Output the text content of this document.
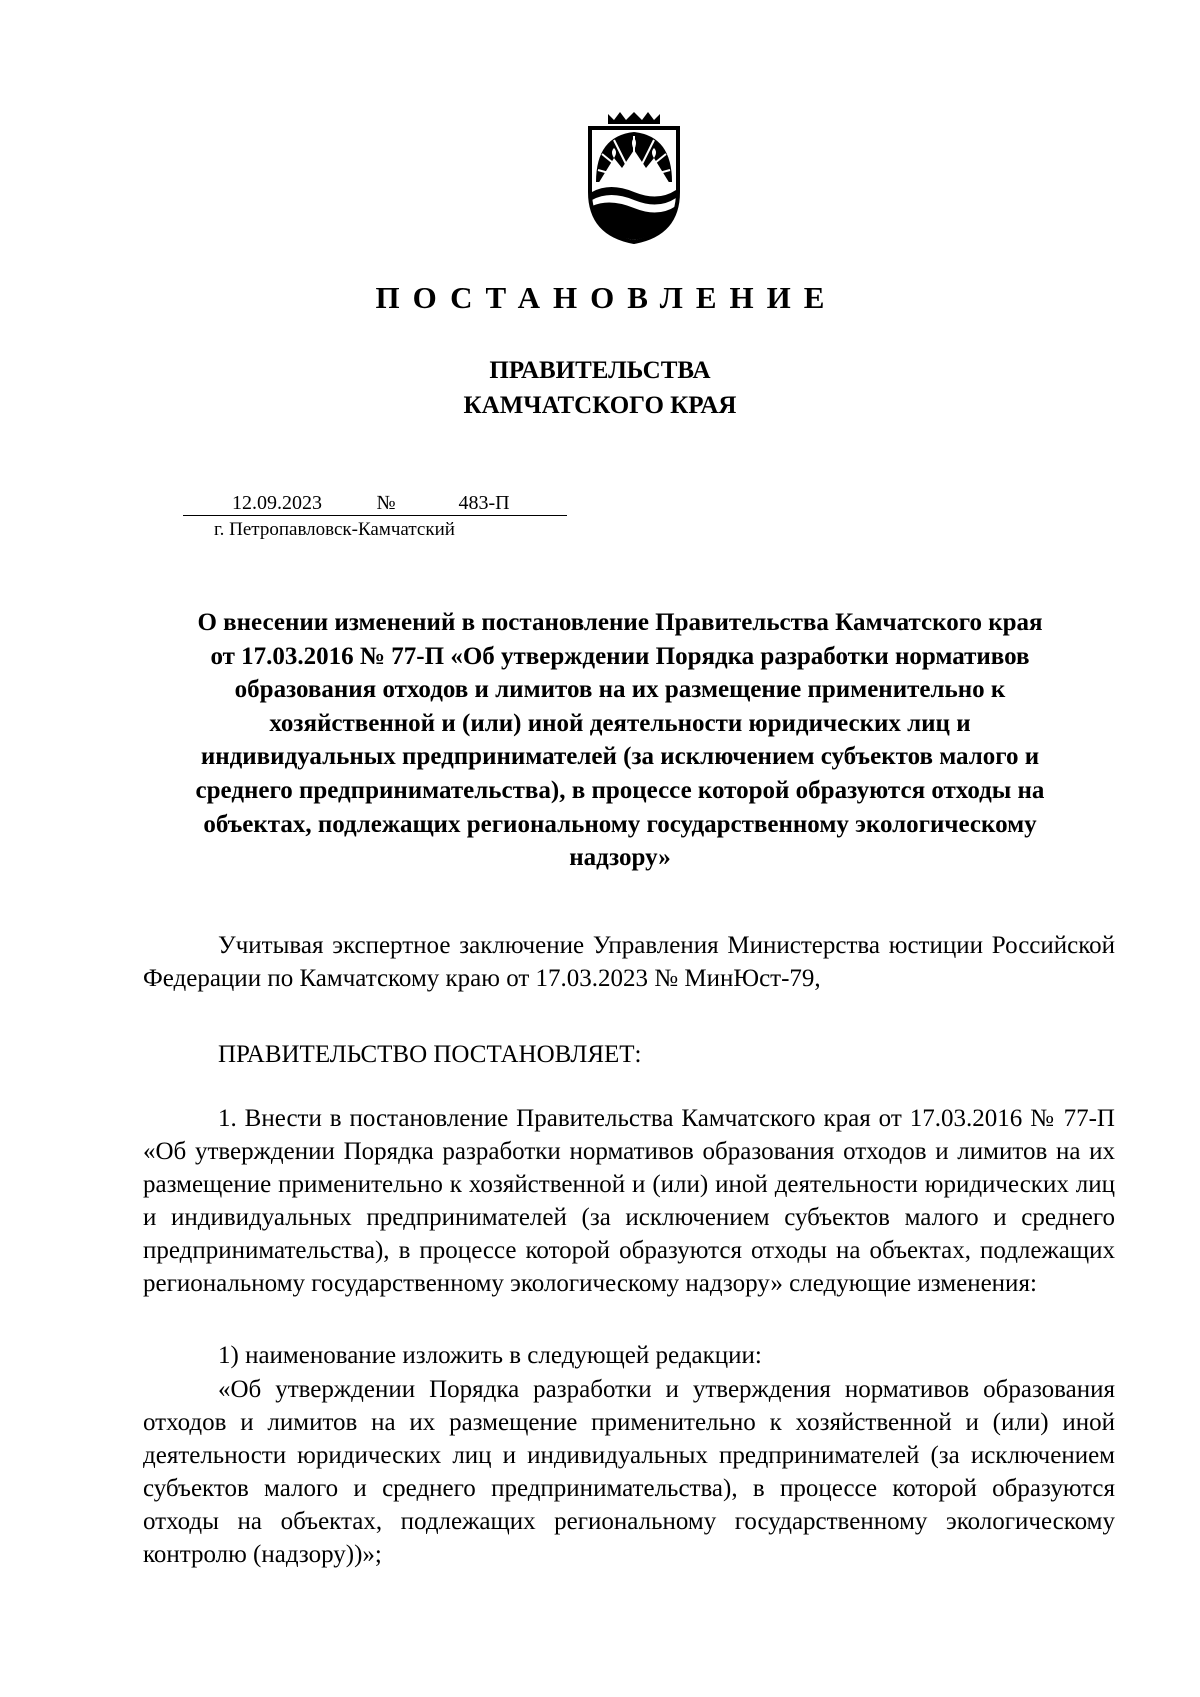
ПОСТАНОВЛЕНИЕ
ПРАВИТЕЛЬСТВА
КАМЧАТСКОГО КРАЯ
12.09.2023	№	483-П
г. Петропавловск-Камчатский
О внесении изменений в постановление Правительства Камчатского края
от 17.03.2016 № 77-П «Об утверждении Порядка разработки нормативов
образования отходов и лимитов на их размещение применительно к
хозяйственной и (или) иной деятельности юридических лиц и
индивидуальных предпринимателей (за исключением субъектов малого и
среднего предпринимательства), в процессе которой образуются отходы на
объектах, подлежащих региональному государственному экологическому
надзору»

Учитывая экспертное заключение Управления Министерства юстиции Российской Федерации по Камчатскому краю от 17.03.2023 № МинЮст-79,

ПРАВИТЕЛЬСТВО ПОСТАНОВЛЯЕТ:

1. Внести в постановление Правительства Камчатского края от 17.03.2016 № 77-П «Об утверждении Порядка разработки нормативов образования отходов и лимитов на их размещение применительно к хозяйственной и (или) иной деятельности юридических лиц и индивидуальных предпринимателей (за исключением субъектов малого и среднего предпринимательства), в процессе которой образуются отходы на объектах, подлежащих региональному государственному экологическому надзору» следующие изменения:

1) наименование изложить в следующей редакции:

«Об утверждении Порядка разработки и утверждения нормативов образования отходов и лимитов на их размещение применительно к хозяйственной и (или) иной деятельности юридических лиц и индивидуальных предпринимателей (за исключением субъектов малого и среднего предпринимательства), в процессе которой образуются отходы на объектах, подлежащих региональному государственному экологическому контролю (надзору))»;
